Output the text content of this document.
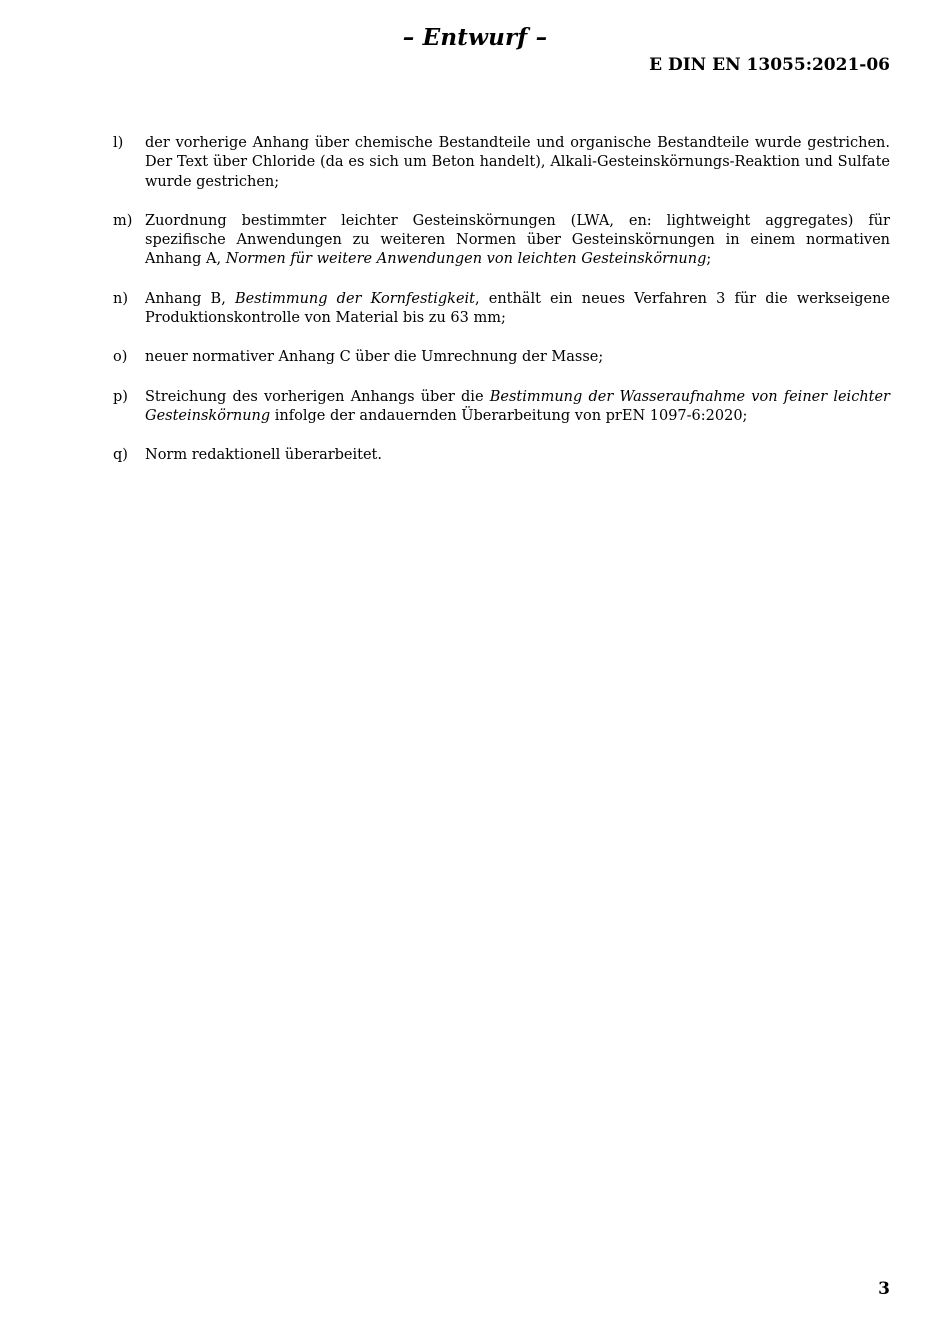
– Entwurf –
E DIN EN 13055:2021-06
l)	der vorherige Anhang über chemische Bestandteile und organische Bestandteile wurde gestrichen. Der Text über Chloride (da es sich um Beton handelt), Alkali-Gesteinskörnungs-Reaktion und Sulfate wurde gestrichen;
m) Zuordnung bestimmter leichter Gesteinskörnungen (LWA, en: lightweight aggregates) für spezifische Anwendungen zu weiteren Normen über Gesteinskörnungen in einem normativen Anhang A, Normen für weitere Anwendungen von leichten Gesteinskörnung;
n)	Anhang B, Bestimmung der Kornfestigkeit, enthält ein neues Verfahren 3 für die werkseigene Produktionskontrolle von Material bis zu 63 mm;
o)	neuer normativer Anhang C über die Umrechnung der Masse;
p)	Streichung des vorherigen Anhangs über die Bestimmung der Wasseraufnahme von feiner leichter Gesteinskörnung infolge der andauernden Überarbeitung von prEN 1097-6:2020;
q)	Norm redaktionell überarbeitet.
3
